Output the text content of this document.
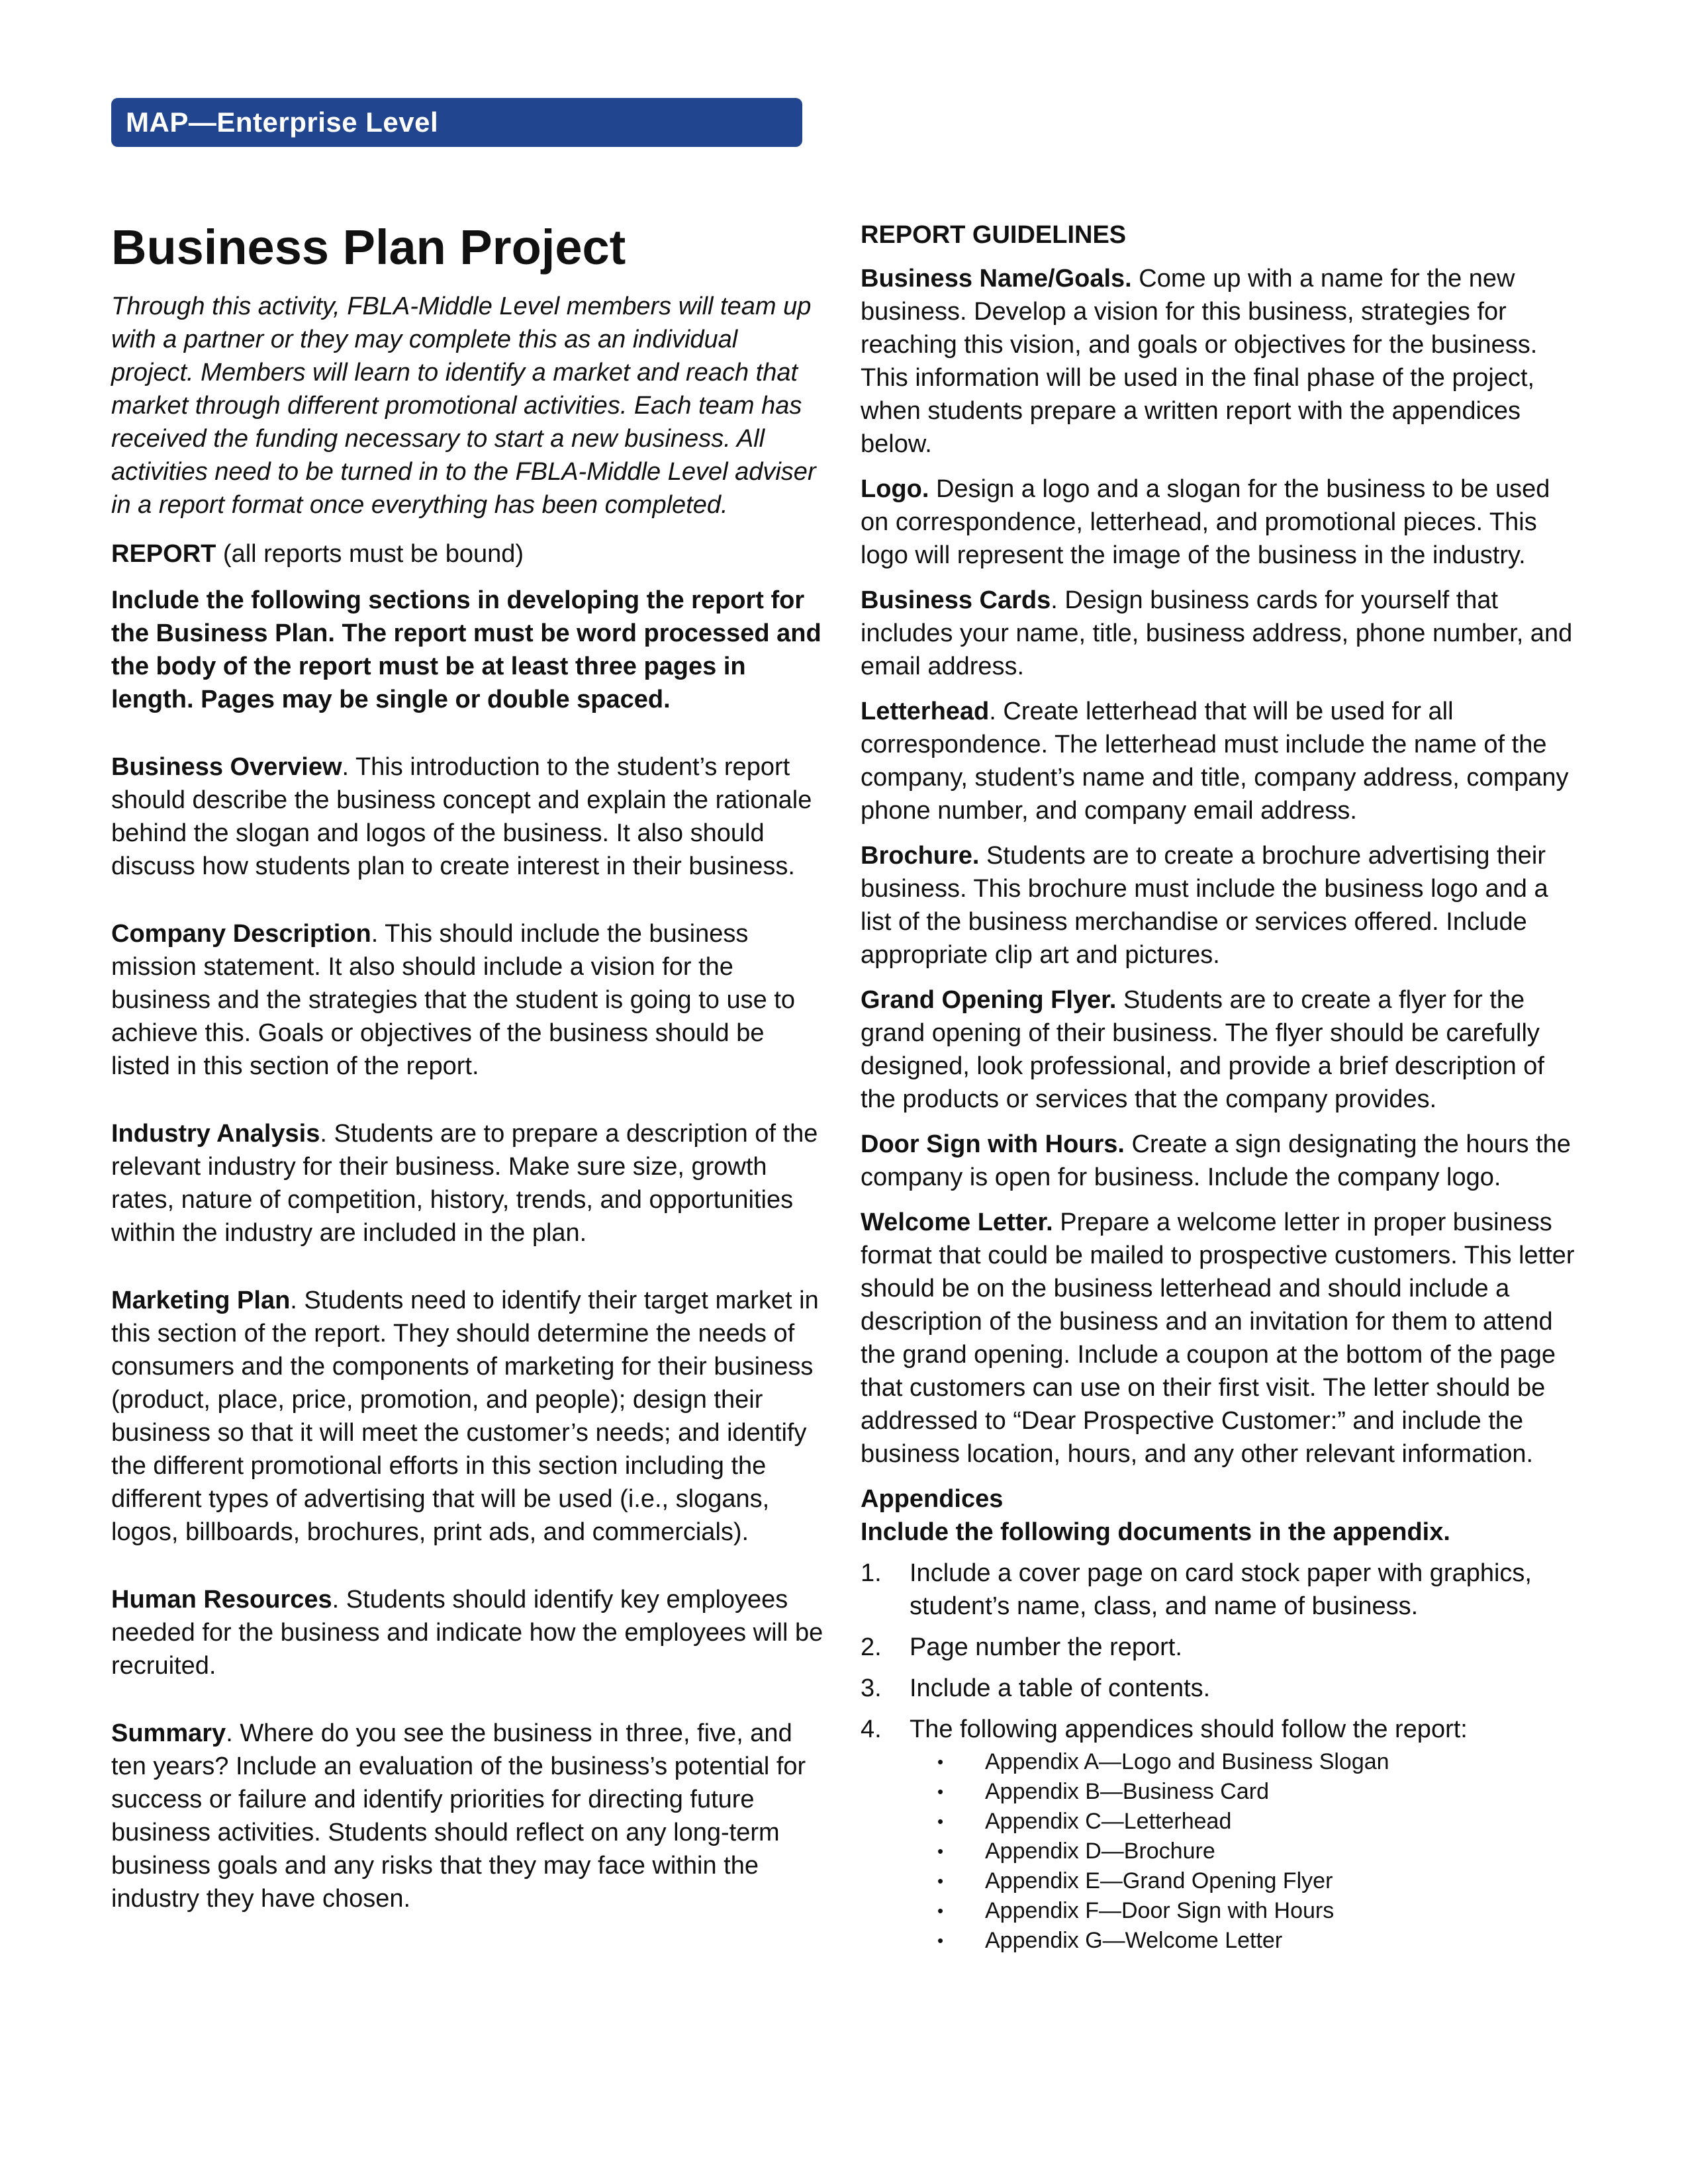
MAP—Enterprise Level
Business Plan Project

Through this activity, FBLA-Middle Level members will team up with a partner or they may complete this as an individual project. Members will learn to identify a market and reach that market through different promotional activities. Each team has received the funding necessary to start a new business. All activities need to be turned in to the FBLA-Middle Level adviser in a report format once everything has been completed.

REPORT (all reports must be bound)

Include the following sections in developing the report for the Business Plan. The report must be word processed and the body of the report must be at least three pages in length. Pages may be single or double spaced.

Business Overview. This introduction to the student’s report should describe the business concept and explain the rationale behind the slogan and logos of the business. It also should discuss how students plan to create interest in their business.

Company Description. This should include the business mission statement. It also should include a vision for the business and the strategies that the student is going to use to achieve this. Goals or objectives of the business should be listed in this section of the report.

Industry Analysis. Students are to prepare a description of the relevant industry for their business. Make sure size, growth rates, nature of competition, history, trends, and opportunities within the industry are included in the plan.

Marketing Plan. Students need to identify their target market in this section of the report. They should determine the needs of consumers and the components of marketing for their business (product, place, price, promotion, and people); design their business so that it will meet the customer’s needs; and identify the different promotional efforts in this section including the different types of advertising that will be used (i.e., slogans, logos, billboards, brochures, print ads, and commercials).

Human Resources. Students should identify key employees needed for the business and indicate how the employees will be recruited.

Summary. Where do you see the business in three, five, and ten years? Include an evaluation of the business’s potential for success or failure and identify priorities for directing future business activities. Students should reflect on any long-term business goals and any risks that they may face within the industry they have chosen.

REPORT GUIDELINES

Business Name/Goals. Come up with a name for the new business. Develop a vision for this business, strategies for reaching this vision, and goals or objectives for the business. This information will be used in the final phase of the project, when students prepare a written report with the appendices below.

Logo. Design a logo and a slogan for the business to be used on correspondence, letterhead, and promotional pieces. This logo will represent the image of the business in the industry.

Business Cards. Design business cards for yourself that includes your name, title, business address, phone number, and email address.

Letterhead. Create letterhead that will be used for all correspondence. The letterhead must include the name of the company, student’s name and title, company address, company phone number, and company email address.

Brochure. Students are to create a brochure advertising their business. This brochure must include the business logo and a list of the business merchandise or services offered. Include appropriate clip art and pictures.

Grand Opening Flyer. Students are to create a flyer for the grand opening of their business. The flyer should be carefully designed, look professional, and provide a brief description of the products or services that the company provides.

Door Sign with Hours. Create a sign designating the hours the company is open for business. Include the company logo.

Welcome Letter. Prepare a welcome letter in proper business format that could be mailed to prospective customers. This letter should be on the business letterhead and should include a description of the business and an invitation for them to attend the grand opening. Include a coupon at the bottom of the page that customers can use on their first visit. The letter should be addressed to “Dear Prospective Customer:” and include the business location, hours, and any other relevant information.

Appendices

Include the following documents in the appendix.

1. Include a cover page on card stock paper with graphics, student’s name, class, and name of business.
2. Page number the report.
3. Include a table of contents.
4. The following appendices should follow the report:
• Appendix A—Logo and Business Slogan
• Appendix B—Business Card
• Appendix C—Letterhead
• Appendix D—Brochure
• Appendix E—Grand Opening Flyer
• Appendix F—Door Sign with Hours
• Appendix G—Welcome Letter
